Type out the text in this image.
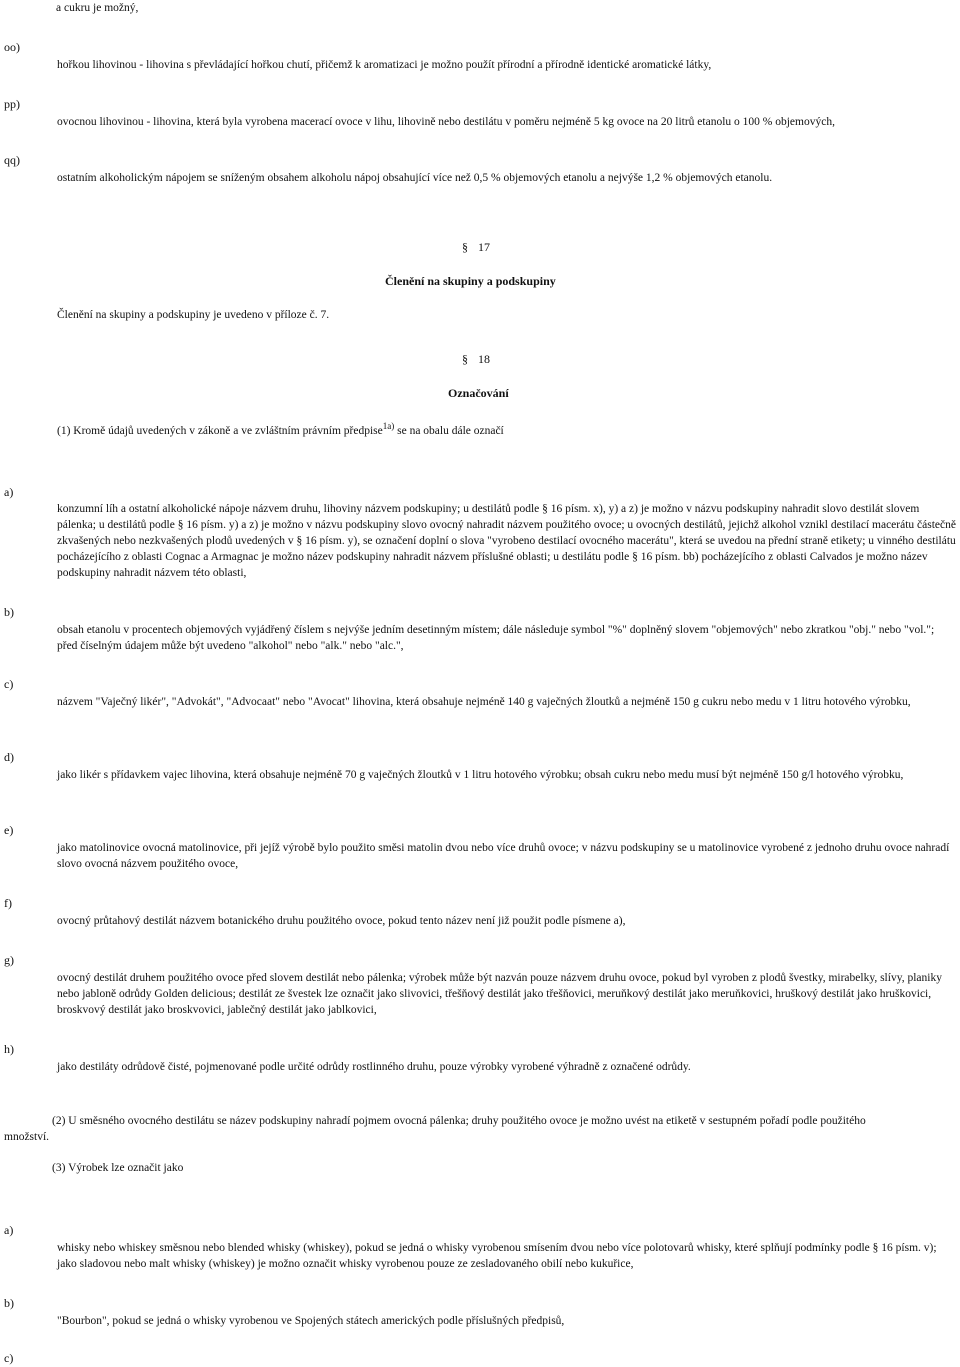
a cukru je možný,
oo)
hořkou lihovinou - lihovina s převládající hořkou chutí, přičemž k aromatizaci je možno použít přírodní a přírodně identické aromatické látky,
pp)
ovocnou lihovinou - lihovina, která byla vyrobena macerací ovoce v lihu, lihovině nebo destilátu v poměru nejméně 5 kg ovoce na 20 litrů etanolu o 100 % objemových,
qq)
ostatním alkoholickým nápojem se sníženým obsahem alkoholu nápoj obsahující více než 0,5 % objemových etanolu a nejvýše 1,2 % objemových etanolu.
§ 17
Členění na skupiny a podskupiny
Členění na skupiny a podskupiny je uvedeno v příloze č. 7.
§ 18
Označování
(1) Kromě údajů uvedených v zákoně a ve zvláštním právním předpise$^{1a)}$ se na obalu dále označí
a)
konzumní líh a ostatní alkoholické nápoje názvem druhu, lihoviny názvem podskupiny; u destilátů podle § 16 písm. x), y) a z) je možno v názvu podskupiny nahradit slovo destilát slovem pálenka; u destilátů podle § 16 písm. y) a z) je možno v názvu podskupiny slovo ovocný nahradit názvem použitého ovoce; u ovocných destilátů, jejichž alkohol vznikl destilací macerátu částečně zkvašených nebo nezkvašených plodů uvedených v § 16 písm. y), se označení doplní o slova "vyrobeno destilací ovocného macerátu", která se uvedou na přední straně etikety; u vinného destilátu pocházejícího z oblasti Cognac a Armagnac je možno název podskupiny nahradit názvem příslušné oblasti; u destilátu podle § 16 písm. bb) pocházejícího z oblasti Calvados je možno název podskupiny nahradit názvem této oblasti,
b)
obsah etanolu v procentech objemových vyjádřený číslem s nejvýše jedním desetinným místem; dále následuje symbol "%" doplněný slovem "objemových" nebo zkratkou "obj." nebo "vol."; před číselným údajem může být uvedeno "alkohol" nebo "alk." nebo "alc.",
c)
názvem "Vaječný likér", "Advokát", "Advocaat" nebo "Avocat" lihovina, která obsahuje nejméně 140 g vaječných žloutků a nejméně 150 g cukru nebo medu v 1 litru hotového výrobku,
d)
jako likér s přídavkem vajec lihovina, která obsahuje nejméně 70 g vaječných žloutků v 1 litru hotového výrobku; obsah cukru nebo medu musí být nejméně 150 g/l hotového výrobku,
e)
jako matolinovice ovocná matolinovice, při jejíž výrobě bylo použito směsi matolin dvou nebo více druhů ovoce; v názvu podskupiny se u matolinovice vyrobené z jednoho druhu ovoce nahradí slovo ovocná názvem použitého ovoce,
f)
ovocný průtahový destilát názvem botanického druhu použitého ovoce, pokud tento název není již použit podle písmene a),
g)
ovocný destilát druhem použitého ovoce před slovem destilát nebo pálenka; výrobek může být nazván pouze názvem druhu ovoce, pokud byl vyroben z plodů švestky, mirabelky, slívy, planiky nebo jabloně odrůdy Golden delicious; destilát ze švestek lze označit jako slivovici, třešňový destilát jako třešňovici, meruňkový destilát jako meruňkovici, hruškový destilát jako hruškovici, broskvový destilát jako broskvovici, jablečný destilát jako jablkovici,
h)
jako destiláty odrůdově čisté, pojmenované podle určité odrůdy rostlinného druhu, pouze výrobky vyrobené výhradně z označené odrůdy.
(2) U směsného ovocného destilátu se název podskupiny nahradí pojmem ovocná pálenka; druhy použitého ovoce je možno uvést na etiketě v sestupném pořadí podle použitého množství.
(3) Výrobek lze označit jako
a)
whisky nebo whiskey směsnou nebo blended whisky (whiskey), pokud se jedná o whisky vyrobenou smísením dvou nebo více polotovarů whisky, které splňují podmínky podle § 16 písm. v); jako sladovou nebo malt whisky (whiskey) je možno označit whisky vyrobenou pouze ze zesladovaného obilí nebo kukuřice,
b)
"Bourbon", pokud se jedná o whisky vyrobenou ve Spojených státech amerických podle příslušných předpisů,
c)
